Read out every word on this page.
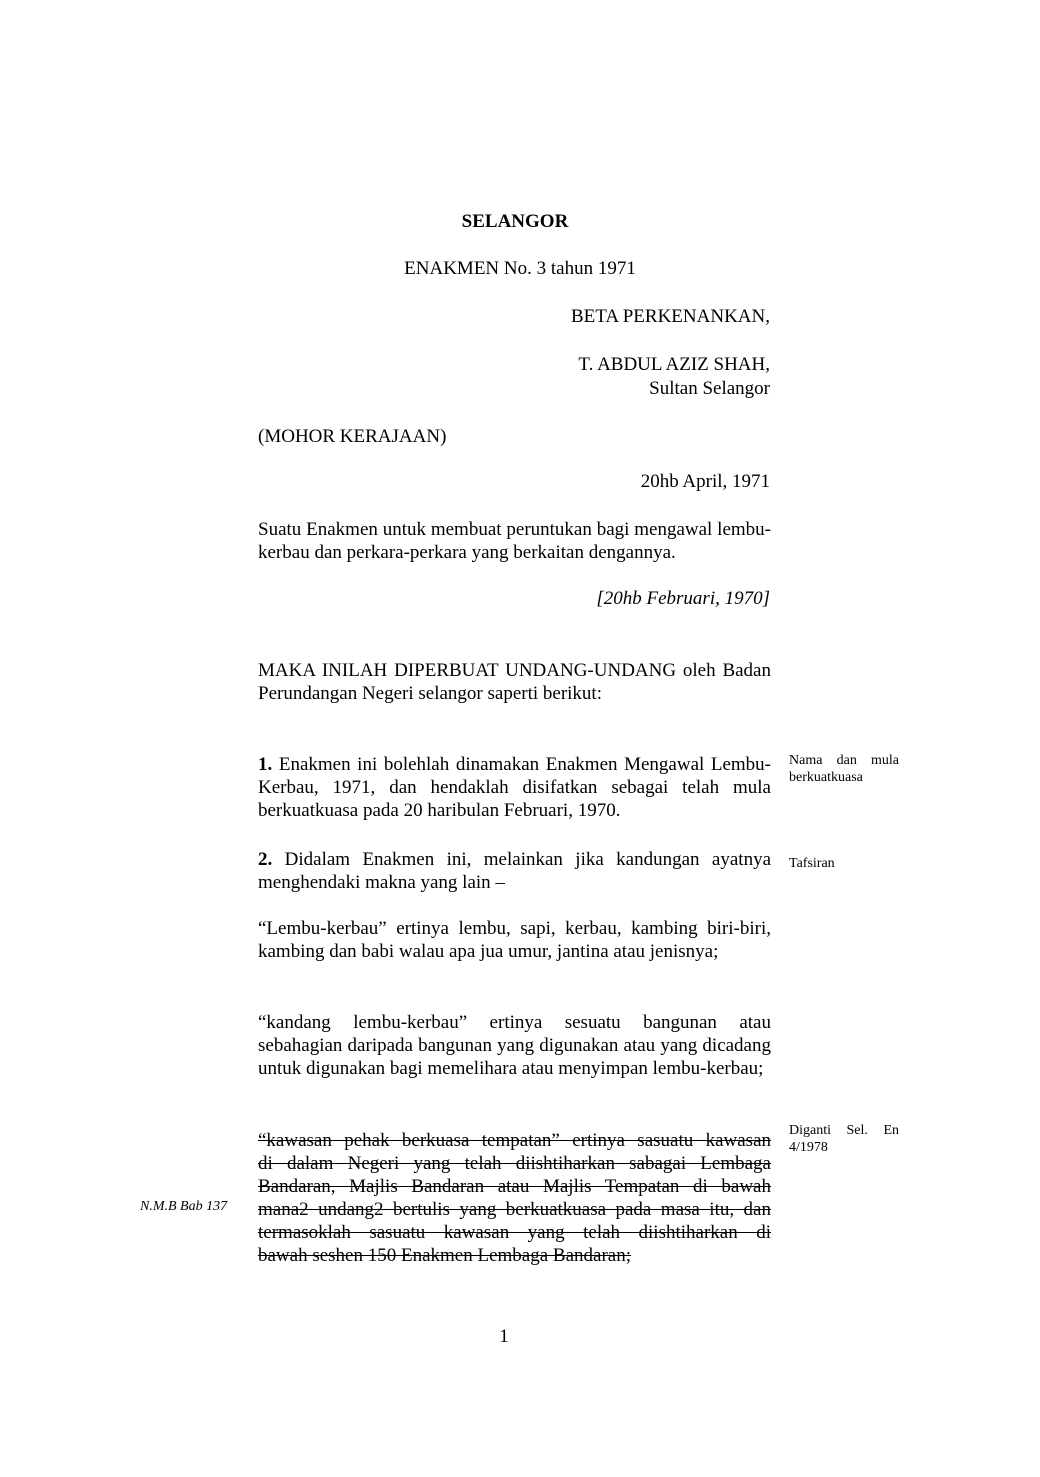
SELANGOR
ENAKMEN No. 3 tahun 1971
BETA PERKENANKAN,
T. ABDUL AZIZ SHAH,
Sultan Selangor
(MOHOR KERAJAAN)
20hb April, 1971
Suatu Enakmen untuk membuat peruntukan bagi mengawal lembu-kerbau dan perkara-perkara yang berkaitan dengannya.
[20hb Februari, 1970]
MAKA INILAH DIPERBUAT UNDANG-UNDANG oleh Badan Perundangan Negeri selangor saperti berikut:
1. Enakmen ini bolehlah dinamakan Enakmen Mengawal Lembu-Kerbau, 1971, dan hendaklah disifatkan sebagai telah mula berkuatkuasa pada 20 haribulan Februari, 1970.
Nama dan mula berkuatkuasa
2. Didalam Enakmen ini, melainkan jika kandungan ayatnya menghendaki makna yang lain –
Tafsiran
“Lembu-kerbau” ertinya lembu, sapi, kerbau, kambing biri-biri, kambing dan babi walau apa jua umur, jantina atau jenisnya;
“kandang lembu-kerbau” ertinya sesuatu bangunan atau sebahagian daripada bangunan yang digunakan atau yang dicadang untuk digunakan bagi memelihara atau menyimpan lembu-kerbau;
“kawasan pehak berkuasa tempatan” ertinya sasuatu kawasan
di dalam Negeri yang telah diishtiharkan sabagai Lembaga
Bandaran, Majlis Bandaran atau Majlis Tempatan di bawah
mana2 undang2 bertulis yang berkuatkuasa pada masa itu, dan
termasoklah sasuatu kawasan yang telah diishtiharkan di
bawah seshen 150 Enakmen Lembaga Bandaran;
Diganti Sel. En 4/1978
N.M.B Bab 137
1
